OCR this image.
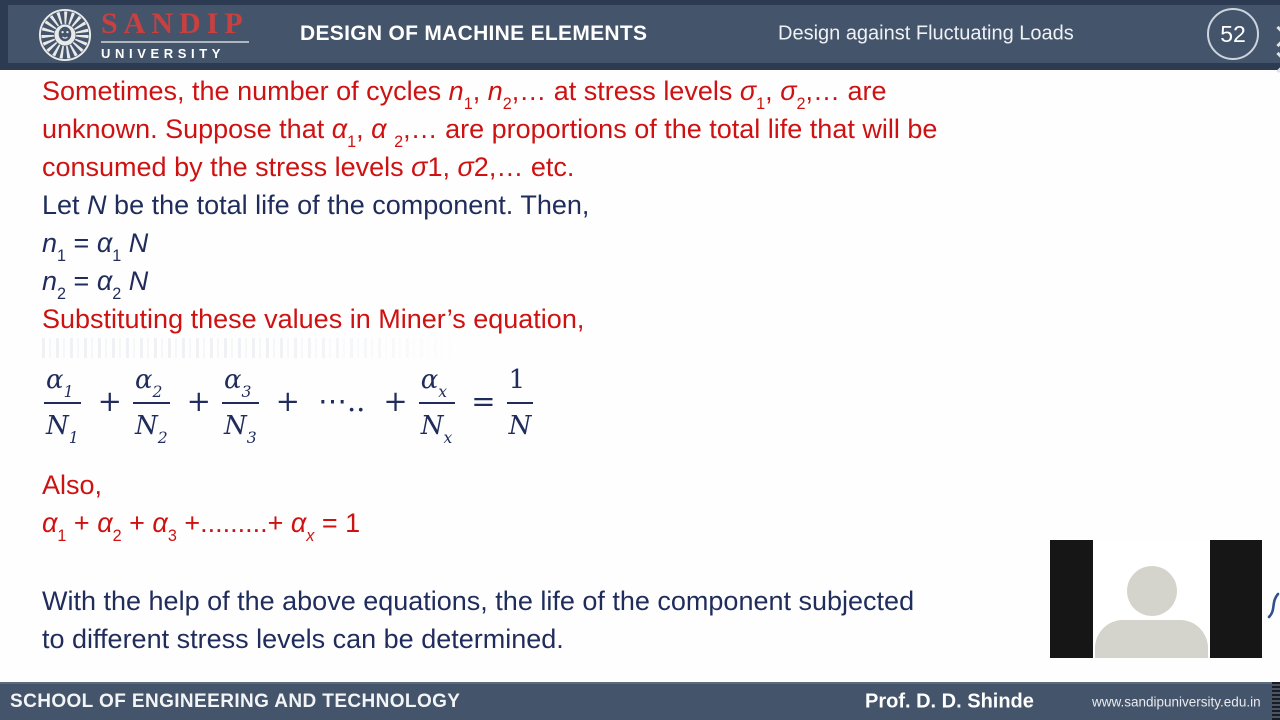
SANDIP
UNIVERSITY
DESIGN OF MACHINE ELEMENTS	Design against Fluctuating Loads	52
Sometimes, the number of cycles $n_1$, $n_2,\dots$ at stress levels $\sigma_1$, $\sigma_2,\dots$ are
unknown. Suppose that $\alpha_1$, α $_2$,… are proportions of the total life that will be
consumed by the stress levels σ1, σ2,… etc.
Let N be the total life of the component. Then,
$n_1 = \alpha_1$ N
$n_2 = \alpha_2$ N
Substituting these values in Miner’s equation,
$\frac{\alpha_1}{N_1} + \frac{\alpha_2}{N_2} + \frac{\alpha_3}{N_3}$ + ⋯.. + $\frac{\alpha_x}{N_x} = \frac{1}{N}$
Also,
$\alpha_1 + \alpha_2 + \alpha_3$ +.........+ $\alpha_x = 1$
With the help of the above equations, the life of the component subjected
to different stress levels can be determined.
SCHOOL OF ENGINEERING AND TECHNOLOGY	Prof. D. D. Shinde	www.sandipuniversity.edu.in
